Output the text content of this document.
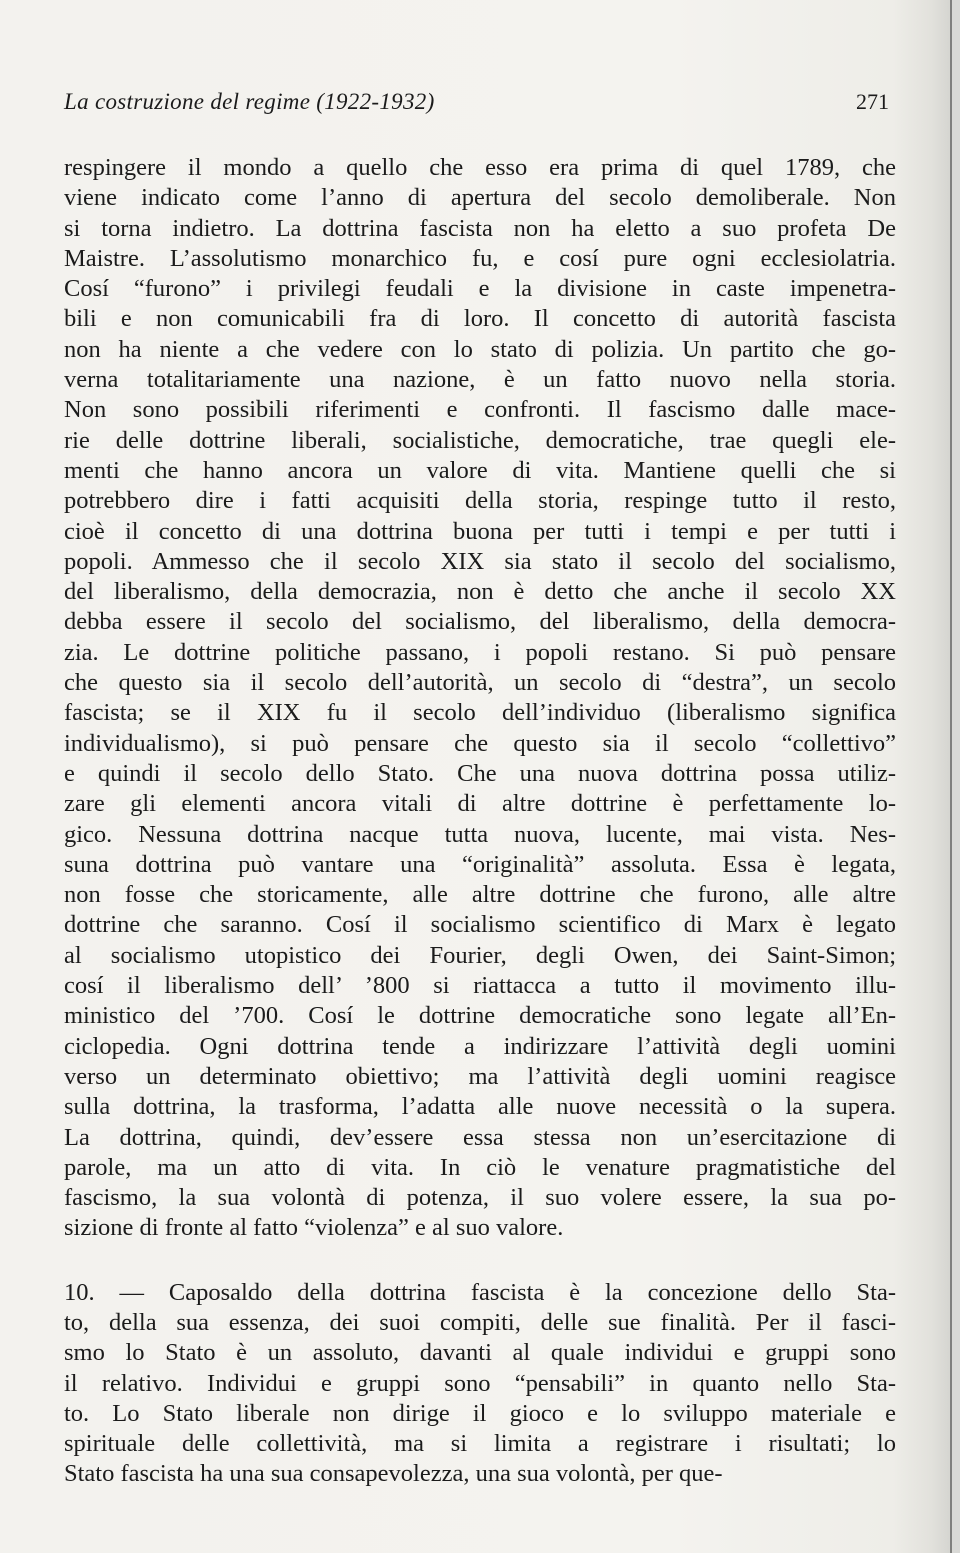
La costruzione del regime (1922-1932)	271
respingere il mondo a quello che esso era prima di quel 1789, che
viene indicato come l’anno di apertura del secolo demoliberale. Non
si torna indietro. La dottrina fascista non ha eletto a suo profeta De
Maistre. L’assolutismo monarchico fu, e cosí pure ogni ecclesiolatria.
Cosí “furono” i privilegi feudali e la divisione in caste impenetra-
bili e non comunicabili fra di loro. Il concetto di autorità fascista
non ha niente a che vedere con lo stato di polizia. Un partito che go-
verna totalitariamente una nazione, è un fatto nuovo nella storia.
Non sono possibili riferimenti e confronti. Il fascismo dalle mace-
rie delle dottrine liberali, socialistiche, democratiche, trae quegli ele-
menti che hanno ancora un valore di vita. Mantiene quelli che si
potrebbero dire i fatti acquisiti della storia, respinge tutto il resto,
cioè il concetto di una dottrina buona per tutti i tempi e per tutti i
popoli. Ammesso che il secolo XIX sia stato il secolo del socialismo,
del liberalismo, della democrazia, non è detto che anche il secolo XX
debba essere il secolo del socialismo, del liberalismo, della democra-
zia. Le dottrine politiche passano, i popoli restano. Si può pensare
che questo sia il secolo dell’autorità, un secolo di “destra”, un secolo
fascista; se il XIX fu il secolo dell’individuo (liberalismo significa
individualismo), si può pensare che questo sia il secolo “collettivo”
e quindi il secolo dello Stato. Che una nuova dottrina possa utiliz-
zare gli elementi ancora vitali di altre dottrine è perfettamente lo-
gico. Nessuna dottrina nacque tutta nuova, lucente, mai vista. Nes-
suna dottrina può vantare una “originalità” assoluta. Essa è legata,
non fosse che storicamente, alle altre dottrine che furono, alle altre
dottrine che saranno. Cosí il socialismo scientifico di Marx è legato
al socialismo utopistico dei Fourier, degli Owen, dei Saint-Simon;
cosí il liberalismo dell’ ’800 si riattacca a tutto il movimento illu-
ministico del ’700. Cosí le dottrine democratiche sono legate all’En-
ciclopedia. Ogni dottrina tende a indirizzare l’attività degli uomini
verso un determinato obiettivo; ma l’attività degli uomini reagisce
sulla dottrina, la trasforma, l’adatta alle nuove necessità o la supera.
La dottrina, quindi, dev’essere essa stessa non un’esercitazione di
parole, ma un atto di vita. In ciò le venature pragmatistiche del
fascismo, la sua volontà di potenza, il suo volere essere, la sua po-
sizione di fronte al fatto “violenza” e al suo valore.
10. — Caposaldo della dottrina fascista è la concezione dello Sta-
to, della sua essenza, dei suoi compiti, delle sue finalità. Per il fasci-
smo lo Stato è un assoluto, davanti al quale individui e gruppi sono
il relativo. Individui e gruppi sono “pensabili” in quanto nello Sta-
to. Lo Stato liberale non dirige il gioco e lo sviluppo materiale e
spirituale delle collettività, ma si limita a registrare i risultati; lo
Stato fascista ha una sua consapevolezza, una sua volontà, per que-
